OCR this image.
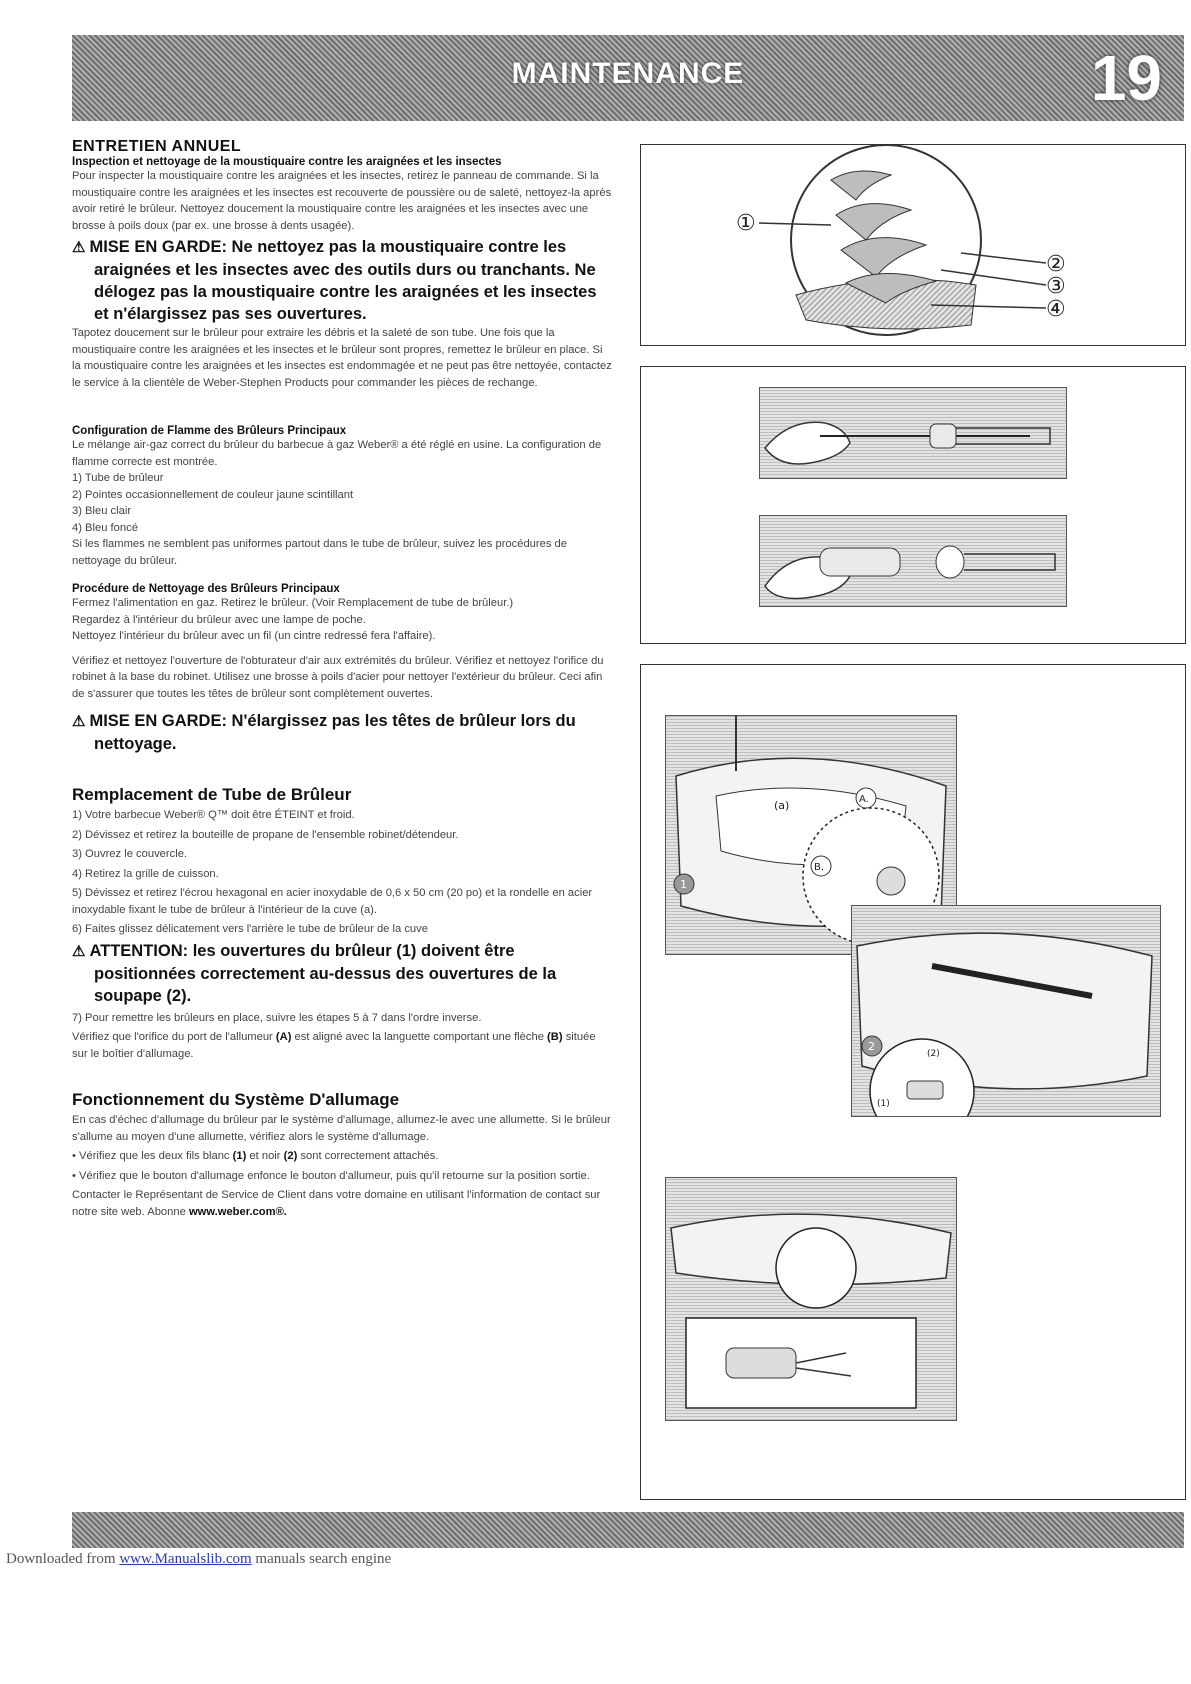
MAINTENANCE	19
ENTRETIEN ANNUEL
Inspection et nettoyage de la moustiquaire contre les araignées et les insectes

Pour inspecter la moustiquaire contre les araignées et les insectes, retirez le panneau de commande. Si la moustiquaire contre les araignées et les insectes est recouverte de poussière ou de saleté, nettoyez-la après avoir retiré le brûleur. Nettoyez doucement la moustiquaire contre les araignées et les insectes avec une brosse à poils doux (par ex. une brosse à dents usagée).

⚠ MISE EN GARDE: Ne nettoyez pas la moustiquaire contre les araignées et les insectes avec des outils durs ou tranchants. Ne délogez pas la moustiquaire contre les araignées et les insectes et n'élargissez pas ses ouvertures.

Tapotez doucement sur le brûleur pour extraire les débris et la saleté de son tube. Une fois que la moustiquaire contre les araignées et les insectes et le brûleur sont propres, remettez le brûleur en place. Si la moustiquaire contre les araignées et les insectes est endommagée et ne peut pas être nettoyée, contactez le service à la clientèle de Weber-Stephen Products pour commander les pièces de rechange.

Configuration de Flamme des Brûleurs Principaux

Le mélange air-gaz correct du brûleur du barbecue à gaz Weber® a été réglé en usine. La configuration de flamme correcte est montrée.

1) Tube de brûleur

2) Pointes occasionnellement de couleur jaune scintillant

3) Bleu clair

4) Bleu foncé

Si les flammes ne semblent pas uniformes partout dans le tube de brûleur, suivez les procédures de nettoyage du brûleur.

Procédure de Nettoyage des Brûleurs Principaux

Fermez l'alimentation en gaz. Retirez le brûleur. (Voir Remplacement de tube de brûleur.)

Regardez à l'intérieur du brûleur avec une lampe de poche.

Nettoyez l'intérieur du brûleur avec un fil (un cintre redressé fera l'affaire).

Vérifiez et nettoyez l'ouverture de l'obturateur d'air aux extrémités du brûleur. Vérifiez et nettoyez l'orifice du robinet à la base du robinet. Utilisez une brosse à poils d'acier pour nettoyer l'extérieur du brûleur. Ceci afin de s'assurer que toutes les têtes de brûleur sont complètement ouvertes.

⚠ MISE EN GARDE: N'élargissez pas les têtes de brûleur lors du nettoyage.
Remplacement de Tube de Brûleur

1) Votre barbecue Weber® Q™ doit être ÉTEINT et froid.

2) Dévissez et retirez la bouteille de propane de l'ensemble robinet/détendeur.

3) Ouvrez le couvercle.

4) Retirez la grille de cuisson.

5) Dévissez et retirez l'écrou hexagonal en acier inoxydable de 0,6 x 50 cm (20 po) et la rondelle en acier inoxydable fixant le tube de brûleur à l'intérieur de la cuve (a).

6) Faites glissez délicatement vers l'arrière le tube de brûleur de la cuve

⚠ ATTENTION: les ouvertures du brûleur (1) doivent être positionnées correctement au-dessus des ouvertures de la soupape (2).

7) Pour remettre les brûleurs en place, suivre les étapes 5 à 7 dans l'ordre inverse.

Vérifiez que l'orifice du port de l'allumeur (A) est aligné avec la languette comportant une flèche (B) située sur le boîtier d'allumage.

Fonctionnement du Système D'allumage

En cas d'échec d'allumage du brûleur par le système d'allumage, allumez-le avec une allumette. Si le brûleur s'allume au moyen d'une allumette, vérifiez alors le système d'allumage.

• Vérifiez que les deux fils blanc (1) et noir (2) sont correctement attachés.

• Vérifiez que le bouton d'allumage enfonce le bouton d'allumeur, puis qu'il retourne sur la position sortie.

Contacter le Représentant de Service de Client dans votre domaine en utilisant l'information de contact sur notre site web. Abonne www.weber.com®.

①
②
③
④
(a)	A.
B.
1
(2)
(1)
2
Downloaded from www.Manualslib.com manuals search engine
